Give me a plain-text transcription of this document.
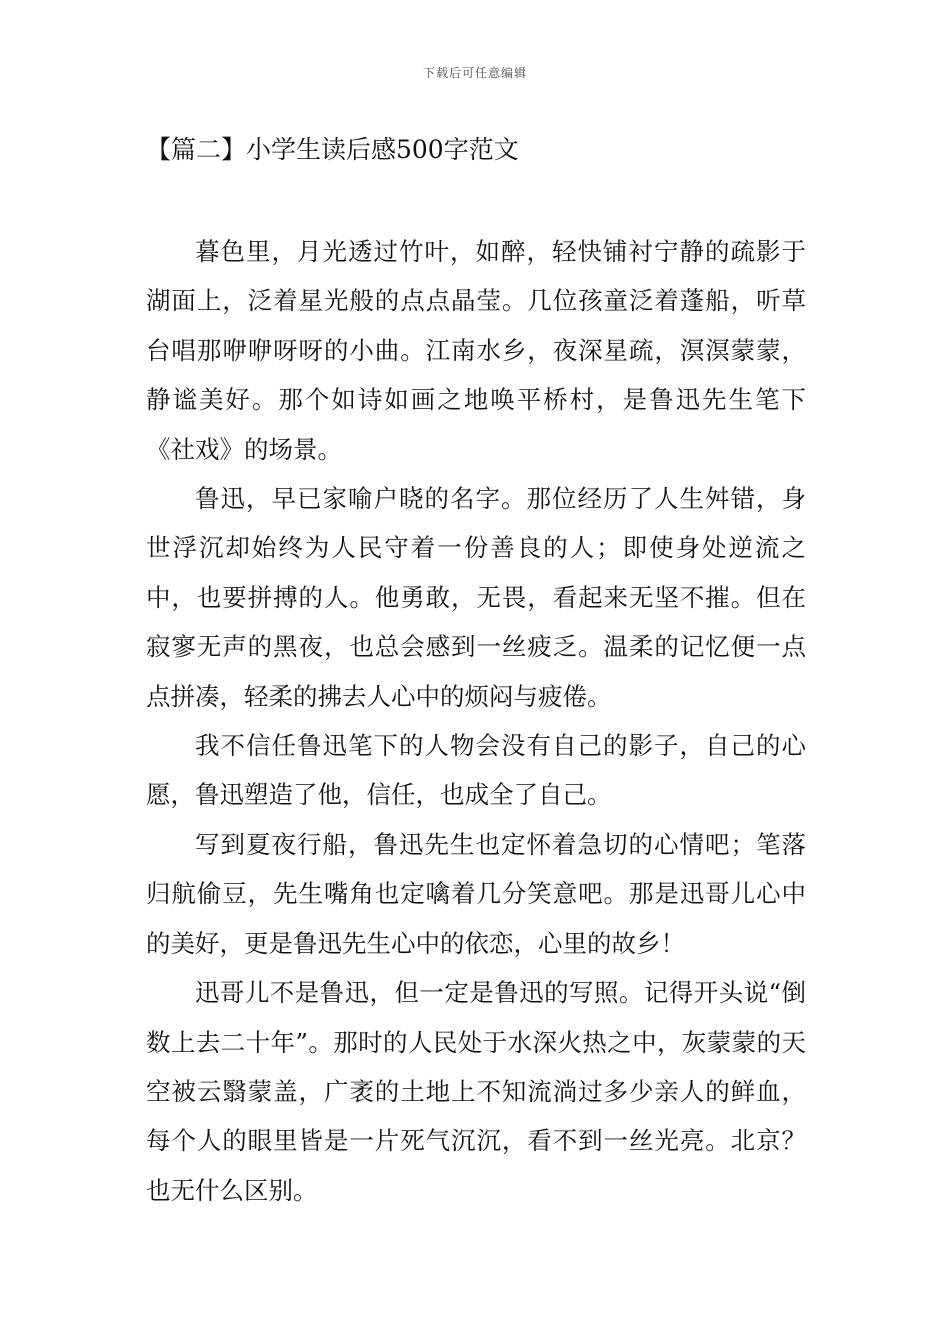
下载后可任意编辑
【篇二】小学生读后感500字范文

暮色里，月光透过竹叶，如醉，轻快铺衬宁静的疏影于湖面上，泛着星光般的点点晶莹。几位孩童泛着蓬船，听草台唱那咿咿呀呀的小曲。江南水乡，夜深星疏，溟溟蒙蒙，静谧美好。那个如诗如画之地唤平桥村，是鲁迅先生笔下《社戏》的场景。

鲁迅，早已家喻户晓的名字。那位经历了人生舛错，身世浮沉却始终为人民守着一份善良的人；即使身处逆流之中，也要拼搏的人。他勇敢，无畏，看起来无坚不摧。但在寂寥无声的黑夜，也总会感到一丝疲乏。温柔的记忆便一点点拼凑，轻柔的拂去人心中的烦闷与疲倦。

我不信任鲁迅笔下的人物会没有自己的影子，自己的心愿，鲁迅塑造了他，信任，也成全了自己。

写到夏夜行船，鲁迅先生也定怀着急切的心情吧；笔落归航偷豆，先生嘴角也定噙着几分笑意吧。那是迅哥儿心中的美好，更是鲁迅先生心中的依恋，心里的故乡！

迅哥儿不是鲁迅，但一定是鲁迅的写照。记得开头说“倒数上去二十年”。那时的人民处于水深火热之中，灰蒙蒙的天空被云翳蒙盖，广袤的土地上不知流淌过多少亲人的鲜血，每个人的眼里皆是一片死气沉沉，看不到一丝光亮。北京？也无什么区别。
